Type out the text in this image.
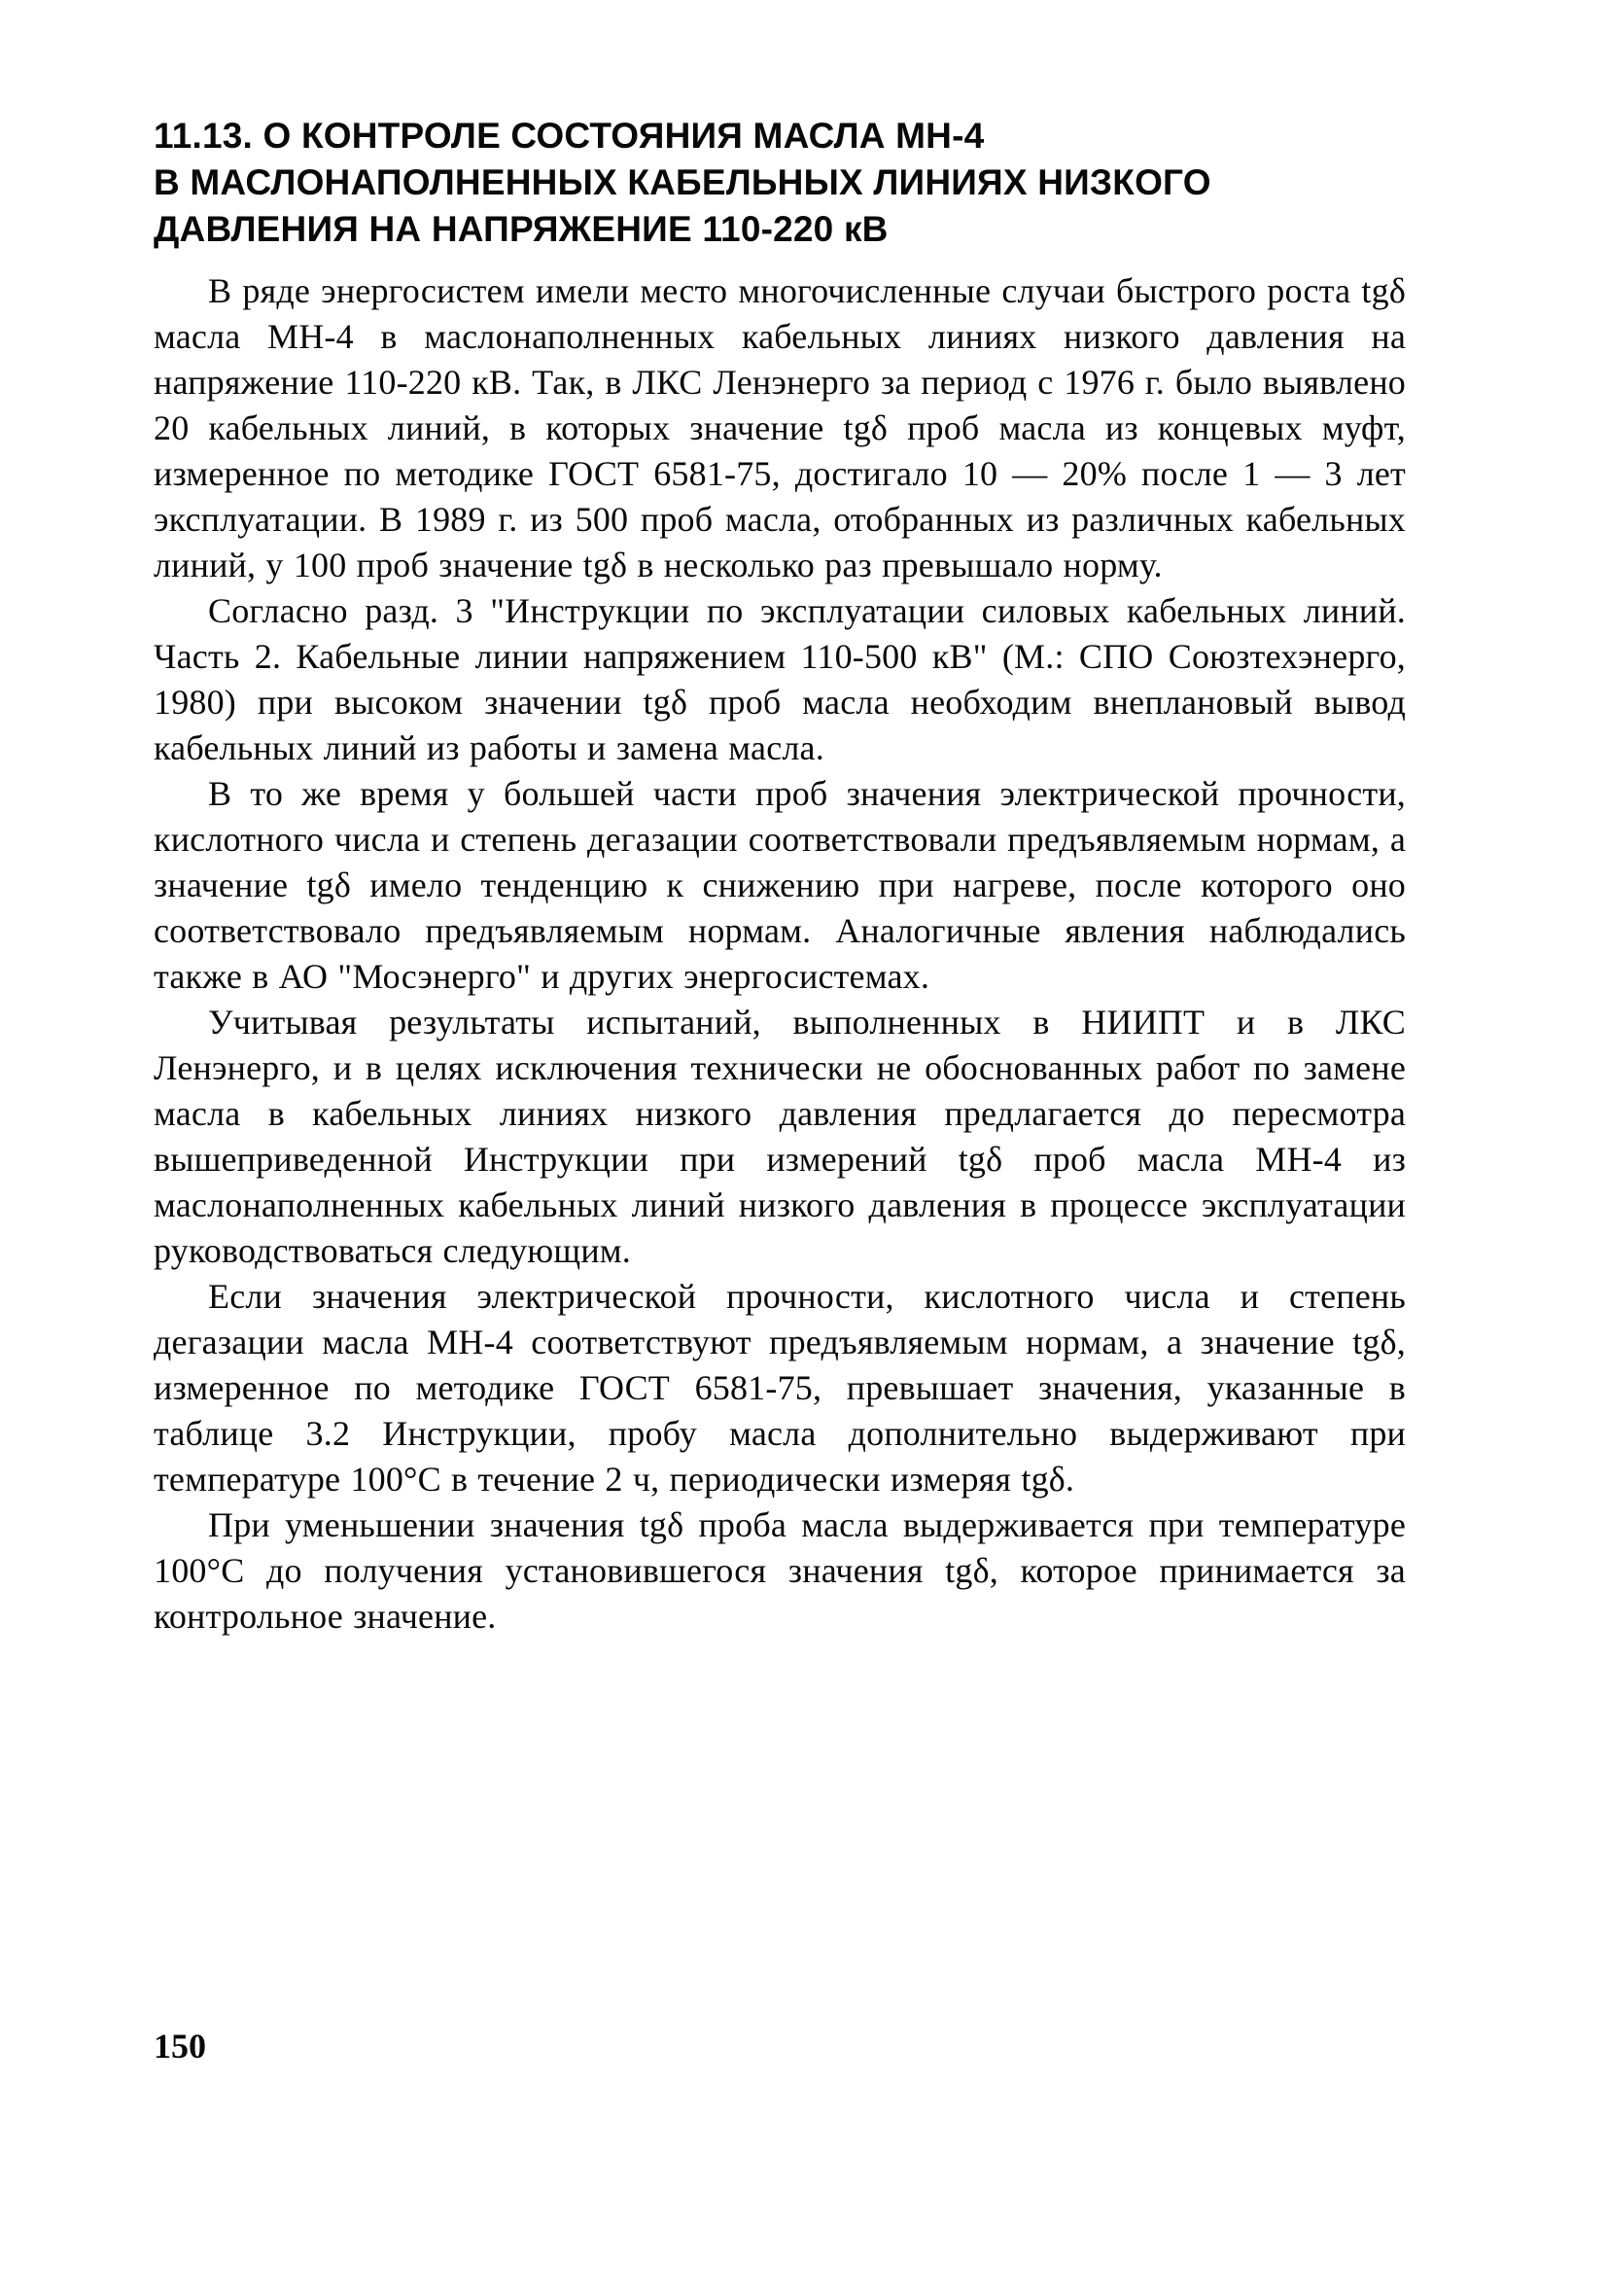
11.13. О КОНТРОЛЕ СОСТОЯНИЯ МАСЛА МН-4
В МАСЛОНАПОЛНЕННЫХ КАБЕЛЬНЫХ ЛИНИЯХ НИЗКОГО
ДАВЛЕНИЯ НА НАПРЯЖЕНИЕ 110-220 кВ

В ряде энергосистем имели место многочисленные случаи быстрого роста tgδ масла МН-4 в маслонаполненных кабельных линиях низкого давления на напряжение 110-220 кВ. Так, в ЛКС Ленэнерго за период с 1976 г. было выявлено 20 кабельных линий, в которых значение tgδ проб масла из концевых муфт, измеренное по методике ГОСТ 6581-75, достигало 10 — 20% после 1 — 3 лет эксплуатации. В 1989 г. из 500 проб масла, отобранных из различных кабельных линий, у 100 проб значение tgδ в несколько раз превышало норму.

Согласно разд. 3 "Инструкции по эксплуатации силовых кабельных линий. Часть 2. Кабельные линии напряжением 110-500 кВ" (М.: СПО Союзтехэнерго, 1980) при высоком значении tgδ проб масла необходим внеплановый вывод кабельных линий из работы и замена масла.

В то же время у большей части проб значения электрической прочности, кислотного числа и степень дегазации соответствовали предъявляемым нормам, а значение tgδ имело тенденцию к снижению при нагреве, после которого оно соответствовало предъявляемым нормам. Аналогичные явления наблюдались также в АО "Мосэнерго" и других энергосистемах.

Учитывая результаты испытаний, выполненных в НИИПТ и в ЛКС Ленэнерго, и в целях исключения технически не обоснованных работ по замене масла в кабельных линиях низкого давления предлагается до пересмотра вышеприведенной Инструкции при измерений tgδ проб масла МН-4 из маслонаполненных кабельных линий низкого давления в процессе эксплуатации руководствоваться следующим.

Если значения электрической прочности, кислотного числа и степень дегазации масла МН-4 соответствуют предъявляемым нормам, а значение tgδ, измеренное по методике ГОСТ 6581-75, превышает значения, указанные в таблице 3.2 Инструкции, пробу масла дополнительно выдерживают при температуре 100°С в течение 2 ч, периодически измеряя tgδ.

При уменьшении значения tgδ проба масла выдерживается при температуре 100°С до получения установившегося значения tgδ, которое принимается за контрольное значение.

150
